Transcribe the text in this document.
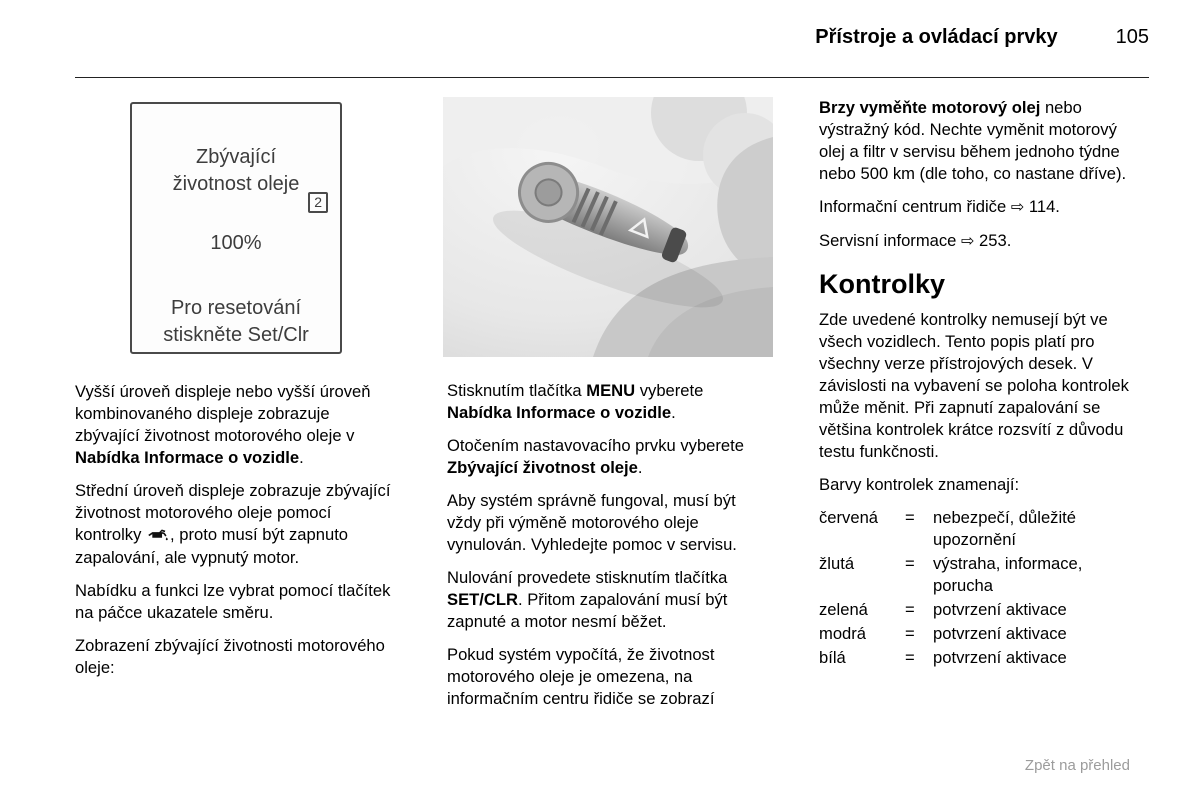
Přístroje a ovládací prvky	105
Zbývající
životnost oleje
2
100%
Pro resetování
stiskněte Set/Clr

Vyšší úroveň displeje nebo vyšší úroveň kombinovaného displeje zobrazuje zbývající životnost motorového oleje v Nabídka Informace o vozidle.

Střední úroveň displeje zobrazuje zbývající životnost motorového oleje pomocí kontrolky , proto musí být zapnuto zapalování, ale vypnutý motor.

Nabídku a funkci lze vybrat pomocí tlačítek na páčce ukazatele směru.

Zobrazení zbývající životnosti motorového oleje:

Stisknutím tlačítka MENU vyberete Nabídka Informace o vozidle.

Otočením nastavovacího prvku vyberete Zbývající životnost oleje.

Aby systém správně fungoval, musí být vždy při výměně motorového oleje vynulován. Vyhledejte pomoc v servisu.

Nulování provedete stisknutím tlačítka SET/CLR. Přitom zapalování musí být zapnuté a motor nesmí běžet.

Pokud systém vypočítá, že životnost motorového oleje je omezena, na informačním centru řidiče se zobrazí

Brzy vyměňte motorový olej nebo výstražný kód. Nechte vyměnit motorový olej a filtr v servisu během jednoho týdne nebo 500 km (dle toho, co nastane dříve).

Informační centrum řidiče ⇨ 114.

Servisní informace ⇨ 253.

Kontrolky

Zde uvedené kontrolky nemusejí být ve všech vozidlech. Tento popis platí pro všechny verze přístrojových desek. V závislosti na vybavení se poloha kontrolek může měnit. Při zapnutí zapalování se většina kontrolek krátce rozsvítí z důvodu testu funkčnosti.

Barvy kontrolek znamenají:

červená	=	nebezpečí, důležité upozornění
žlutá	=	výstraha, informace, porucha
zelená	=	potvrzení aktivace
modrá	=	potvrzení aktivace
bílá	=	potvrzení aktivace
Zpět na přehled
